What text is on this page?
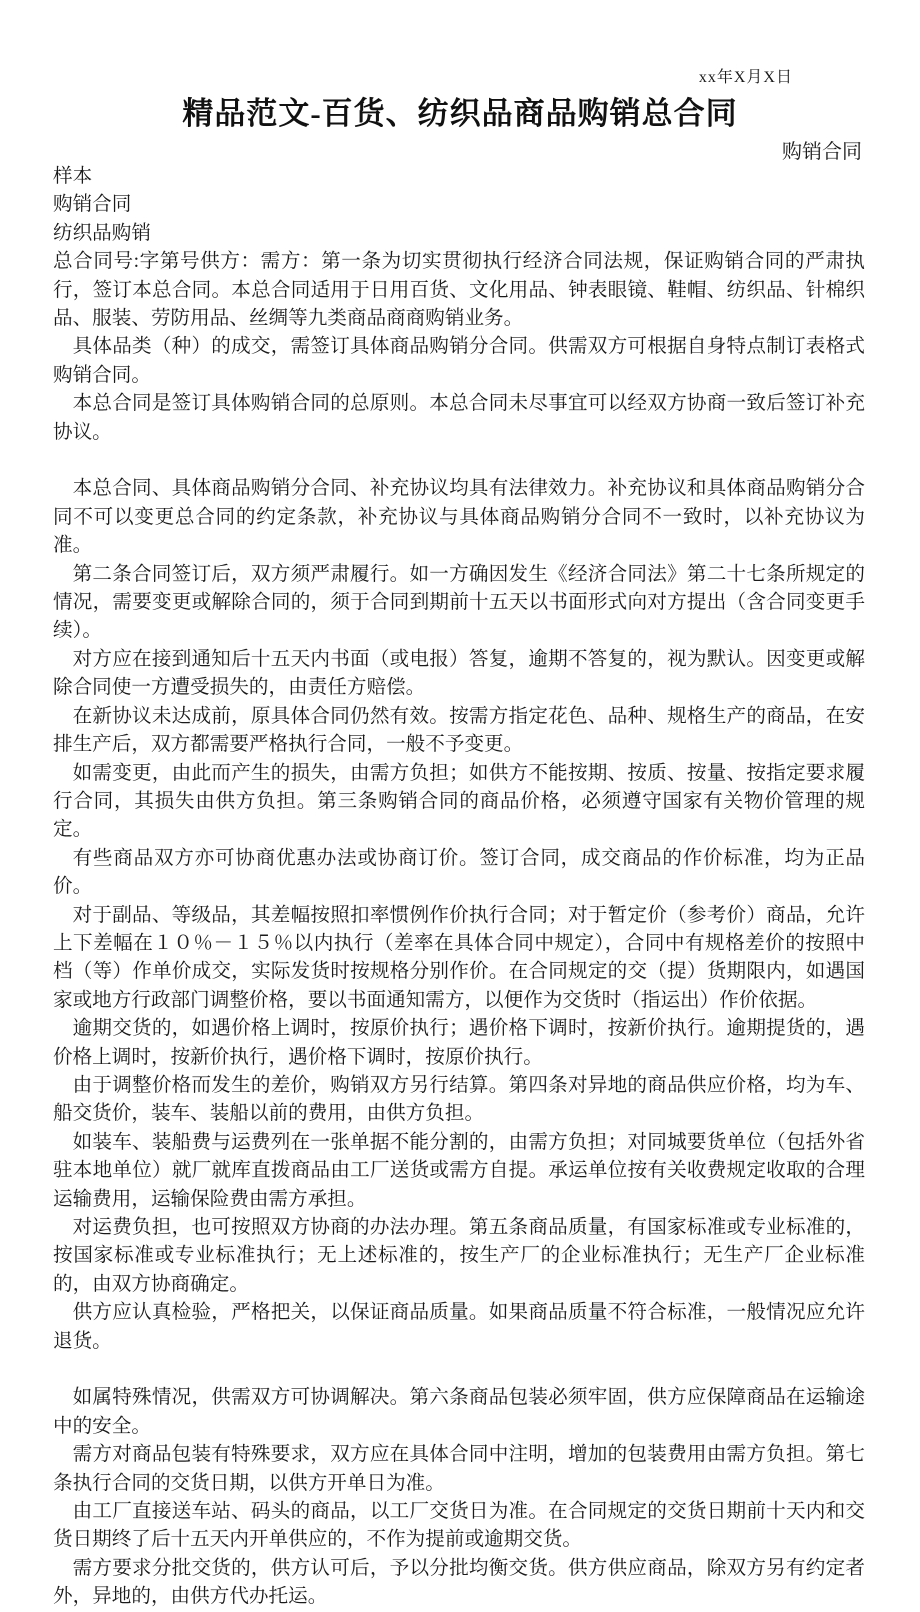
xx年X月X日
精品范文-百货、纺织品商品购销总合同
购销合同

样本

购销合同

纺织品购销

总合同号:字第号供方：需方：第一条为切实贯彻执行经济合同法规，保证购销合同的严肃执行，签订本总合同。本总合同适用于日用百货、文化用品、钟表眼镜、鞋帽、纺织品、针棉织品、服装、劳防用品、丝绸等九类商品商商购销业务。

具体品类（种）的成交，需签订具体商品购销分合同。供需双方可根据自身特点制订表格式购销合同。

本总合同是签订具体购销合同的总原则。本总合同未尽事宜可以经双方协商一致后签订补充协议。

本总合同、具体商品购销分合同、补充协议均具有法律效力。补充协议和具体商品购销分合同不可以变更总合同的约定条款，补充协议与具体商品购销分合同不一致时，以补充协议为准。

第二条合同签订后，双方须严肃履行。如一方确因发生《经济合同法》第二十七条所规定的情况，需要变更或解除合同的，须于合同到期前十五天以书面形式向对方提出（含合同变更手续）。

对方应在接到通知后十五天内书面（或电报）答复，逾期不答复的，视为默认。因变更或解除合同使一方遭受损失的，由责任方赔偿。

在新协议未达成前，原具体合同仍然有效。按需方指定花色、品种、规格生产的商品，在安排生产后，双方都需要严格执行合同，一般不予变更。

如需变更，由此而产生的损失，由需方负担；如供方不能按期、按质、按量、按指定要求履行合同，其损失由供方负担。第三条购销合同的商品价格，必须遵守国家有关物价管理的规定。

有些商品双方亦可协商优惠办法或协商订价。签订合同，成交商品的作价标准，均为正品价。

对于副品、等级品，其差幅按照扣率惯例作价执行合同；对于暂定价（参考价）商品，允许上下差幅在１０％－１５％以内执行（差率在具体合同中规定），合同中有规格差价的按照中档（等）作单价成交，实际发货时按规格分别作价。在合同规定的交（提）货期限内，如遇国家或地方行政部门调整价格，要以书面通知需方，以便作为交货时（指运出）作价依据。

逾期交货的，如遇价格上调时，按原价执行；遇价格下调时，按新价执行。逾期提货的，遇价格上调时，按新价执行，遇价格下调时，按原价执行。

由于调整价格而发生的差价，购销双方另行结算。第四条对异地的商品供应价格，均为车、船交货价，装车、装船以前的费用，由供方负担。

如装车、装船费与运费列在一张单据不能分割的，由需方负担；对同城要货单位（包括外省驻本地单位）就厂就库直拨商品由工厂送货或需方自提。承运单位按有关收费规定收取的合理运输费用，运输保险费由需方承担。

对运费负担，也可按照双方协商的办法办理。第五条商品质量，有国家标准或专业标准的，按国家标准或专业标准执行；无上述标准的，按生产厂的企业标准执行；无生产厂企业标准的，由双方协商确定。

供方应认真检验，严格把关，以保证商品质量。如果商品质量不符合标准，一般情况应允许退货。

如属特殊情况，供需双方可协调解决。第六条商品包装必须牢固，供方应保障商品在运输途中的安全。

需方对商品包装有特殊要求，双方应在具体合同中注明，增加的包装费用由需方负担。第七条执行合同的交货日期，以供方开单日为准。

由工厂直接送车站、码头的商品，以工厂交货日为准。在合同规定的交货日期前十天内和交货日期终了后十五天内开单供应的，不作为提前或逾期交货。

需方要求分批交货的，供方认可后，予以分批均衡交货。供方供应商品，除双方另有约定者外，异地的，由供方代办托运。
